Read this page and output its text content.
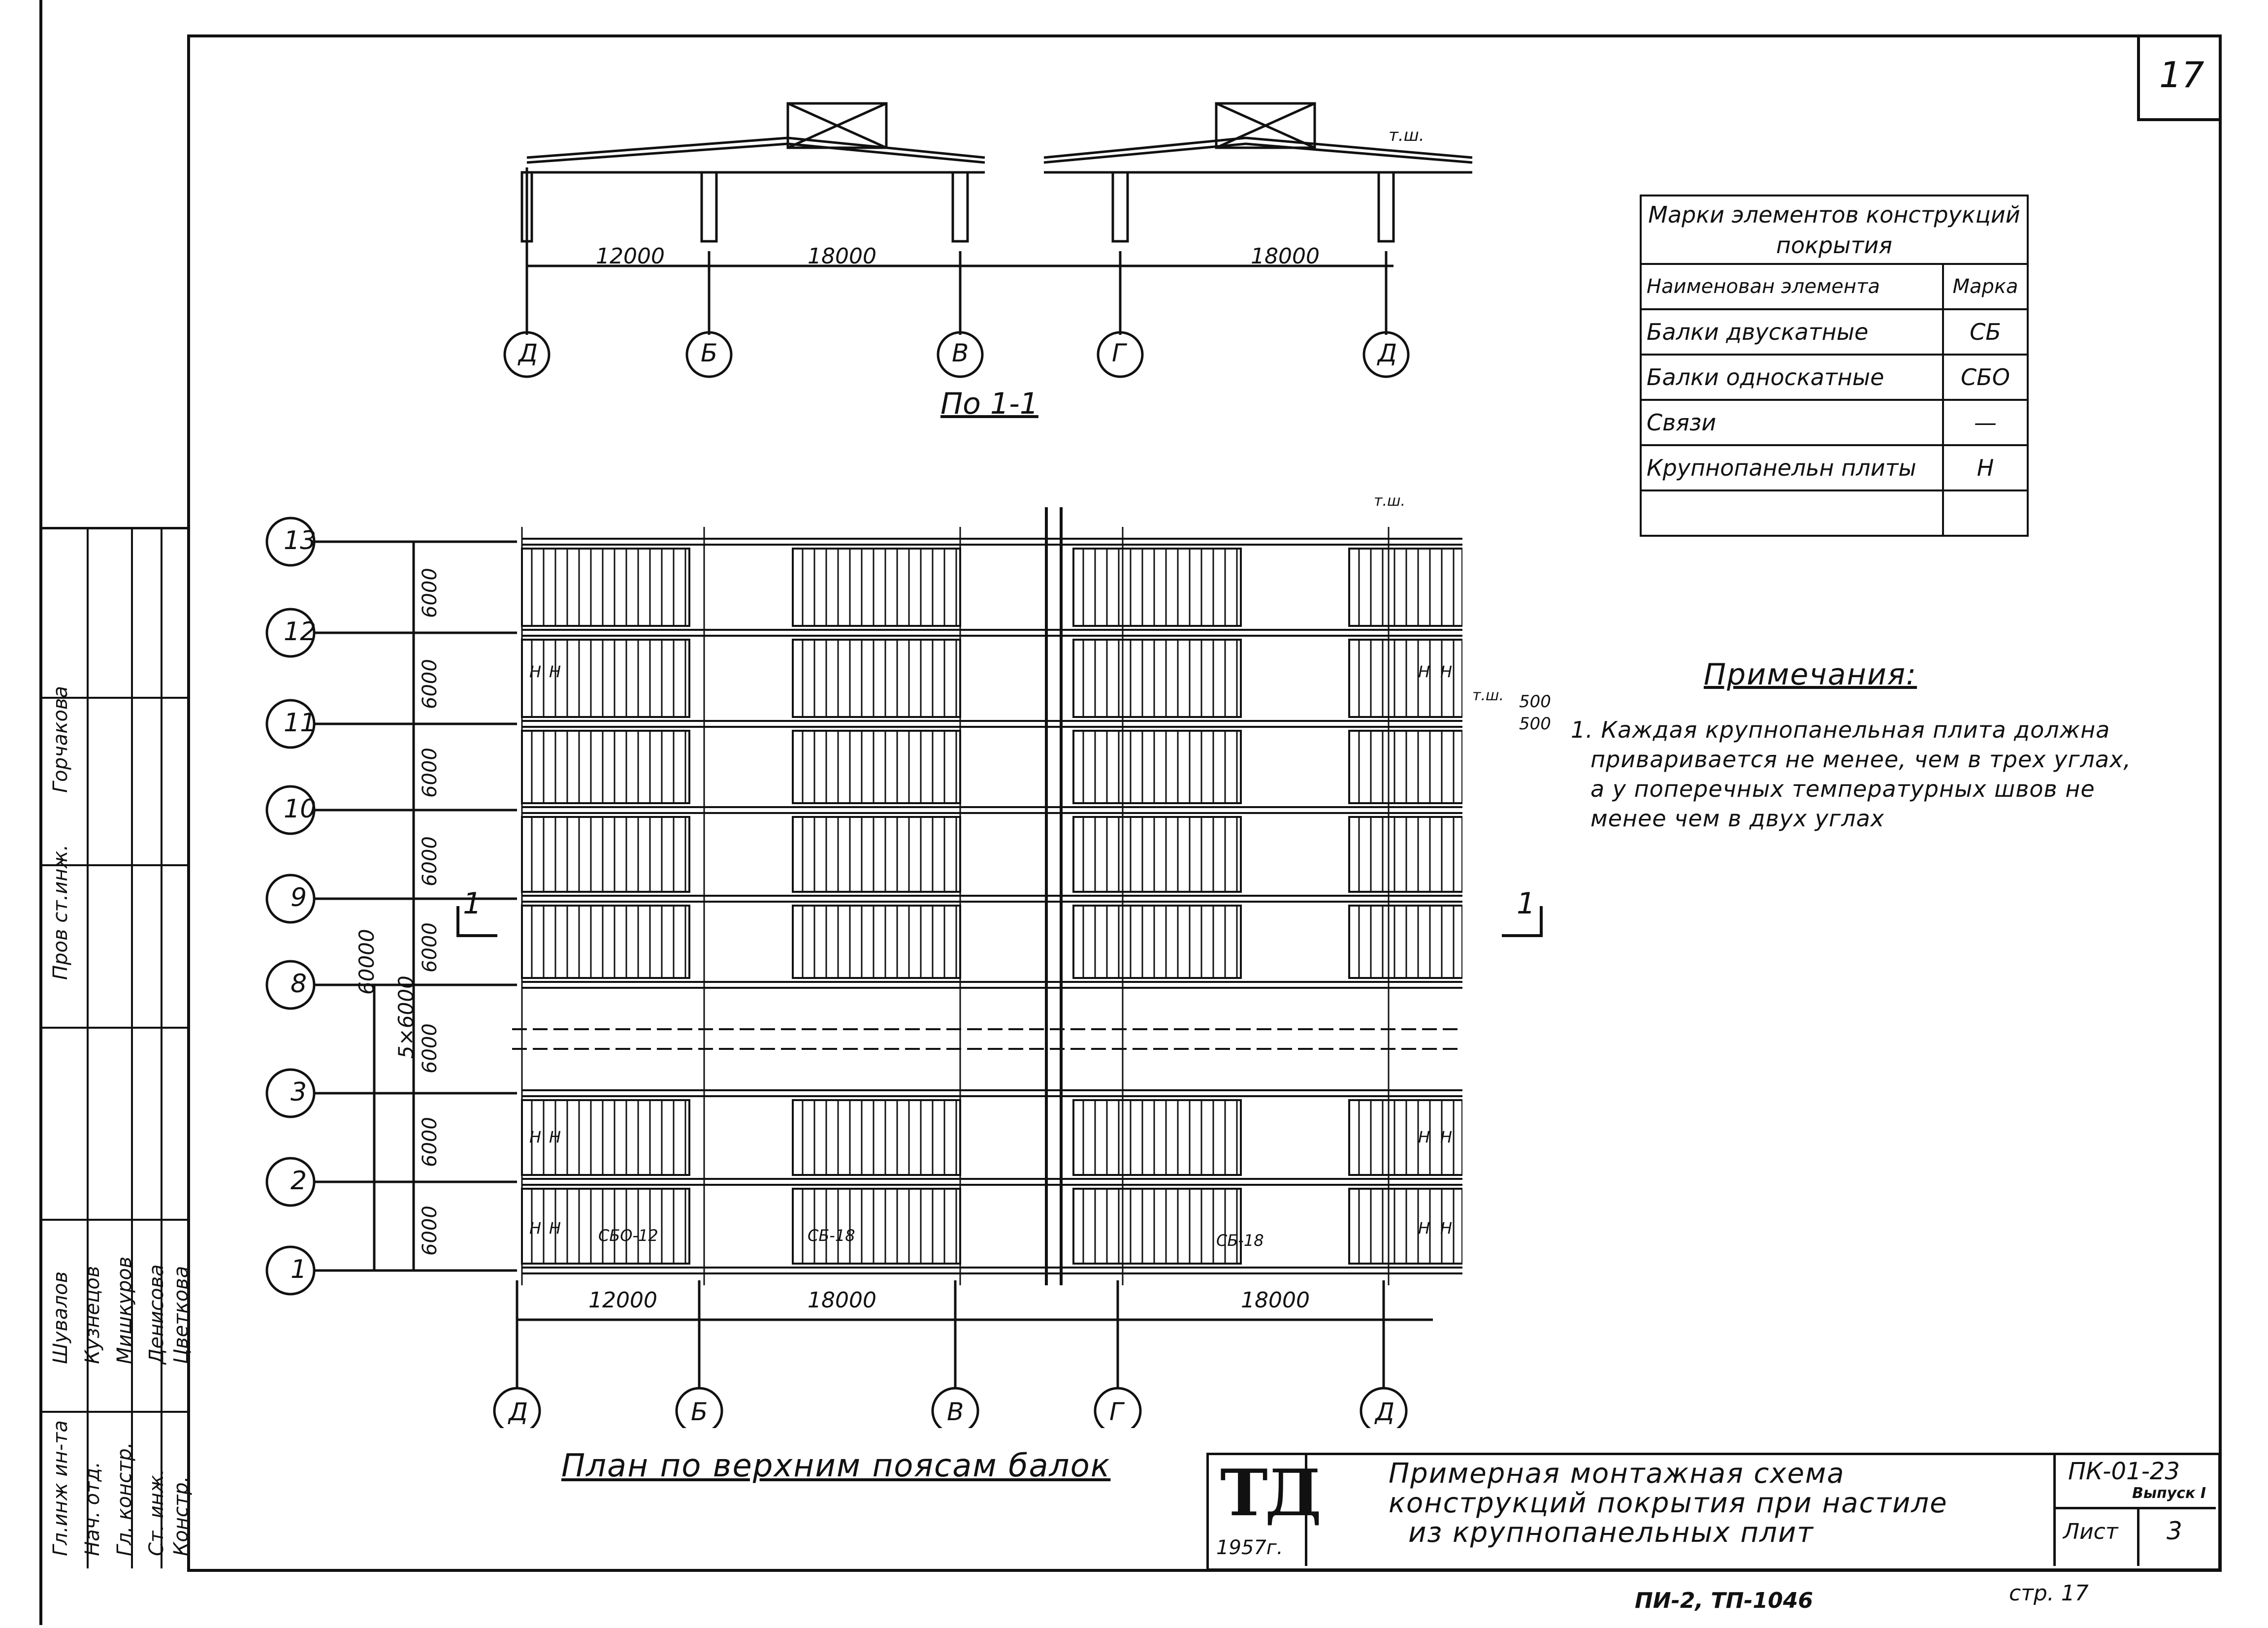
17
Гл.инж ин-та Нач. отд. Гл. констр. Ст. инж. Констр.
Шувалов Кузнецов Мишкуров Денисова Цветкова
Пров ст.инж.
Горчакова
т.ш.
12000	18000	18000
Д	Б	В	Г	Д
По 1-1
13
12
11
10
9
8
3
2
1
6000
6000
6000
6000
6000
6000
6000
6000
60000
5×6000
1	1
т.ш.
т.ш. 500
500
СБО-12	СБ-18	СБ-18
Н Н	Н Н
Н Н	Н Н
Н Н	Н Н
12000	18000	18000
Д	Б	В	Г	Д
План по верхним поясам балок
Марки элементов конструкций покрытия	
Наименован элемента	Марка
Балки двускатные	СБ
Балки односкатные	СБО
Связи	—
Крупнопанельн плиты	Н

Примечания:
1. Каждая крупнопанельная плита должна
приваривается не менее, чем в трех углах,
а у поперечных температурных швов не
менее чем в двух углах
ТД
1957г.
Примерная монтажная схема
конструкций покрытия при настиле
из крупнопанельных плит
ПК-01-23
Выпуск I
Лист 3
ПИ-2, ТП-1046	стр. 17
